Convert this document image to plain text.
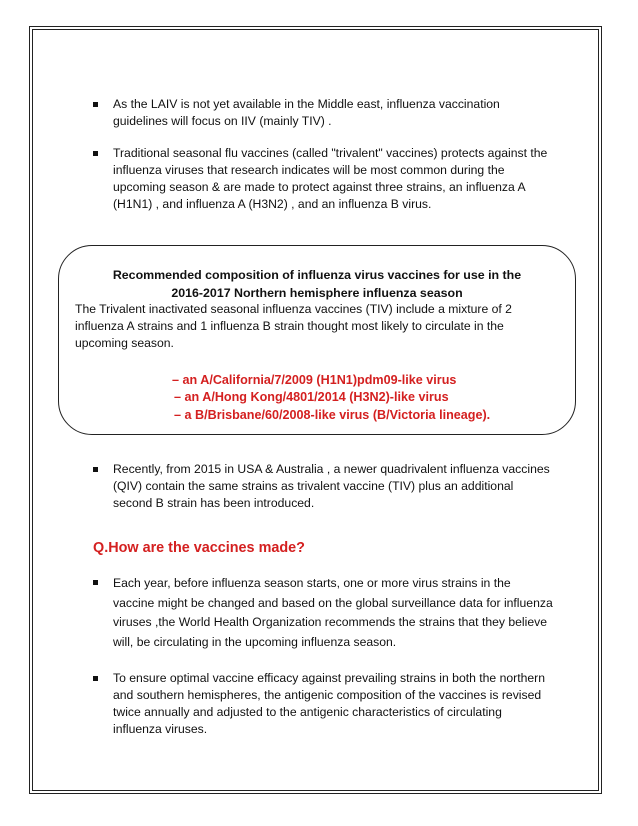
As the LAIV is not yet available in the Middle east, influenza vaccination guidelines will focus on IIV (mainly TIV) .
Traditional seasonal flu vaccines (called "trivalent" vaccines) protects against the influenza viruses that research indicates will be most common during the upcoming season & are made to protect against three strains, an influenza A (H1N1) , and influenza A (H3N2) , and an influenza B virus.
Recommended composition of influenza virus vaccines for use in the
2016-2017 Northern hemisphere influenza season
The Trivalent inactivated seasonal influenza vaccines (TIV) include a mixture of 2 influenza A strains and 1 influenza B strain thought most likely to circulate in the upcoming season.
– an A/California/7/2009 (H1N1)pdm09-like virus
– an A/Hong Kong/4801/2014 (H3N2)-like virus
– a B/Brisbane/60/2008-like virus (B/Victoria lineage).
Recently, from 2015 in USA & Australia , a newer quadrivalent influenza vaccines (QIV) contain the same strains as trivalent vaccine (TIV) plus an additional second B strain has been introduced.
Q.How are the vaccines made?
Each year, before influenza season starts, one or more virus strains in the vaccine might be changed and based on the global surveillance data for influenza viruses ,the World Health Organization recommends the strains that they believe will, be circulating in the upcoming influenza season.
To ensure optimal vaccine efficacy against prevailing strains in both the northern and southern hemispheres, the antigenic composition of the vaccines is revised twice annually and adjusted to the antigenic characteristics of circulating influenza viruses.
